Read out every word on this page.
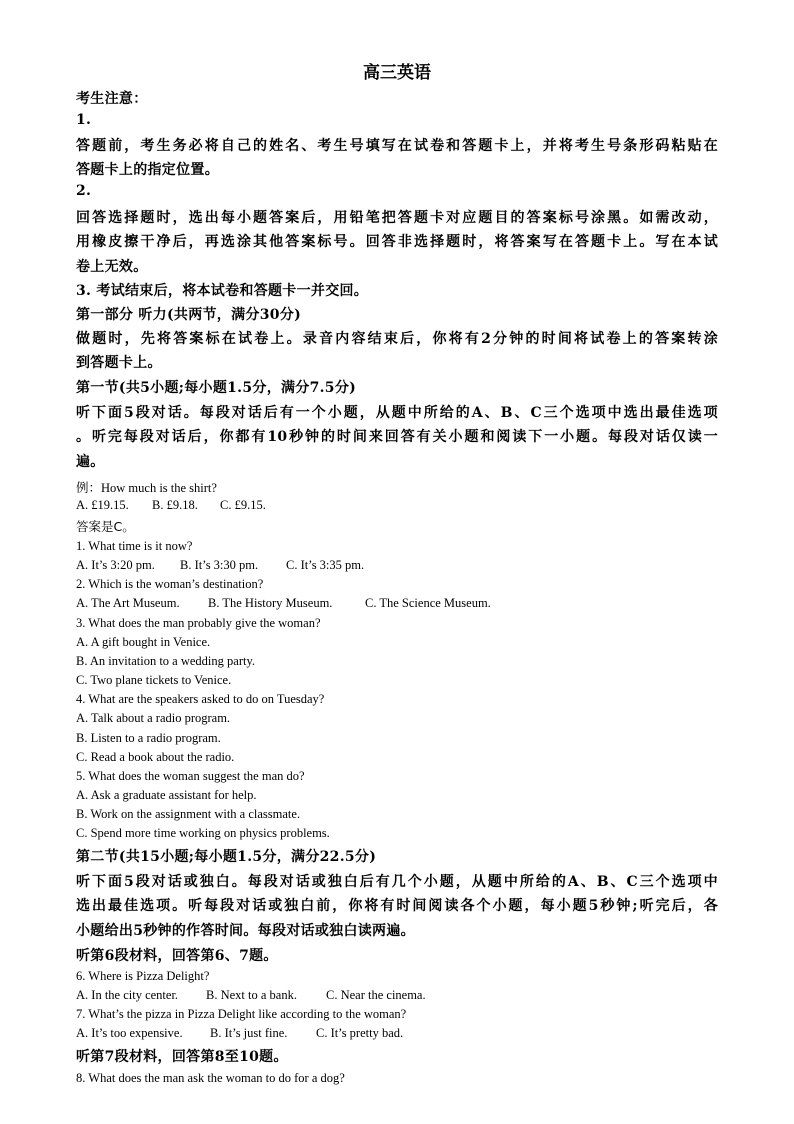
高三英语
考生注意：
1.
答题前，考生务必将自己的姓名、考生号填写在试卷和答题卡上，并将考生号条形码粘贴在
答题卡上的指定位置。
2.
回答选择题时，选出每小题答案后，用铅笔把答题卡对应题目的答案标号涂黑。如需改动，
用橡皮擦干净后，再选涂其他答案标号。回答非选择题时，将答案写在答题卡上。写在本试
卷上无效。
3. 考试结束后，将本试卷和答题卡一并交回。
第一部分 听力(共两节，满分30分)
做题时，先将答案标在试卷上。录音内容结束后，你将有2分钟的时间将试卷上的答案转涂
到答题卡上。
第一节(共5小题;每小题1.5分，满分7.5分)
听下面5段对话。每段对话后有一个小题，从题中所给的A、B、C三个选项中选出最佳选项
。听完每段对话后，你都有10秒钟的时间来回答有关小题和阅读下一小题。每段对话仅读一
遍。
例：How much is the shirt?
A. £19.15. B. £9.18. C. £9.15.
答案是C。
1. What time is it now?
A. It’s 3:20 pm. B. It’s 3:30 pm. C. It’s 3:35 pm.
2. Which is the woman’s destination?
A. The Art Museum. B. The History Museum.	C. The Science Museum.
3. What does the man probably give the woman?
A. A gift bought in Venice.
B. An invitation to a wedding party.
C. Two plane tickets to Venice.
4. What are the speakers asked to do on Tuesday?
A. Talk about a radio program.
B. Listen to a radio program.
C. Read a book about the radio.
5. What does the woman suggest the man do?
A. Ask a graduate assistant for help.
B. Work on the assignment with a classmate.
C. Spend more time working on physics problems.
第二节(共15小题;每小题1.5分，满分22.5分)
听下面5段对话或独白。每段对话或独白后有几个小题，从题中所给的A、B、C三个选项中
选出最佳选项。听每段对话或独白前，你将有时间阅读各个小题，每小题5秒钟;听完后，各
小题给出5秒钟的作答时间。每段对话或独白读两遍。
听第6段材料，回答第6、7题。
6. Where is Pizza Delight?
A. In the city center. B. Next to a bank. C. Near the cinema.
7. What’s the pizza in Pizza Delight like according to the woman?
A. It’s too expensive. B. It’s just fine. C. It’s pretty bad.
听第7段材料，回答第8至10题。
8. What does the man ask the woman to do for a dog?
